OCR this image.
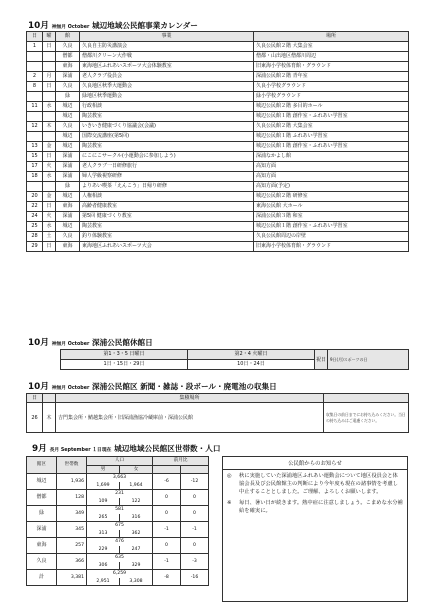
10月 神無月 October 城辺地域公民館事業カレンダー
日	曜	館	事業	場所
1	日	久良	久良自主防災講演会	久良公民館２階 大集会室
		僧都	僧都川クリーン大作戦	僧都・山出地区僧都川周辺
		東海	東海地区ふれあいスポーツ大会体験教室	旧東海小学校体育館・グラウンド
2	月	深浦	老人クラブ役員会	深浦公民館２階 青年室
8	日	久良	久良地区秋季大運動会	久良小学校グラウンド
		緑	緑地区秋季運動会	緑小学校グラウンド
11	水	城辺	行政相談	城辺公民館２階 多目的ホール
		城辺	陶芸教室	城辺公民館１階 創作室・ふれあい学習室
12	木	久良	いきいき健康づくり協議会(会議)	久良公民館２階 大集会室
		城辺	国際交流講座(第5回)	城辺公民館１階 ふれあい学習室
13	金	城辺	陶芸教室	城辺公民館１階 創作室・ふれあい学習室
15	日	深浦	にこにこサークル(小運動会に参加しよう)	深浦なかよし館
17	火	深浦	老人クラブ一日研修旅行	高知方面
18	水	深浦	婦人学級視察研修	高知方面
		緑	よりあい喫茶「えんこう」日帰り研修	高知方面(予定)
20	金	城辺	人権相談	城辺公民館２階 研修室
22	日	東海	高齢者健康教室	東海公民館 大ホール
24	火	深浦	第5回 健康づくり教室	深浦公民館３階 和室
25	水	城辺	陶芸教室	城辺公民館１階 創作室・ふれあい学習室
28	土	久良	釣り体験教室	久良公民館周辺の岸壁
29	日	東海	東海地区ふれあいスポーツ大会	旧東海小学校体育館・グラウンド
10月 神無月 October 深浦公民館休館日
第1・3・5 日曜日	第2・4 火曜日	祝日	9日(月)スポーツの日
1日・15日・29日	10日・24日		
10月 神無月 October 深浦公民館区 新聞・雑誌・段ボール・廃電池の収集日
日		集積場所	
26	木	吉門集会所・鯖越集会所・旧深浦漁協冷蔵庫前・深浦公民館	収集日の前日までにお持ち込みください。当日の持ち込みはご遠慮ください。
9月 長月 September １日現在 城辺地域公民館区世帯数・人口
館区	世帯数	人口		前月比	
		男	女		
城辺	1,936	3,663		-6	-12
		1,699	1,964		
僧都	128	231		0	0
		109	122		
緑	349	581		0	0
		265	316		
深浦	345	675		-1	-1
		313	362		
東海	257	476		0	0
		229	247		
久良	366	635		-1	-3
		306	329		
計	3,381	6,259		-8	-16
		2,951	3,308		
公民館からのお知らせ
◎	秋に実施していた深浦地区ふれあい運動会について地区役員会と体協会長及び公民館館主の判断により今年度も現在の諸事情を考慮し中止することとしました。ご理解、よろしくお願いします。
※	毎日、暑い日が続きます。熱中症に注意しましょう。こまめな水分補給を確実に。
